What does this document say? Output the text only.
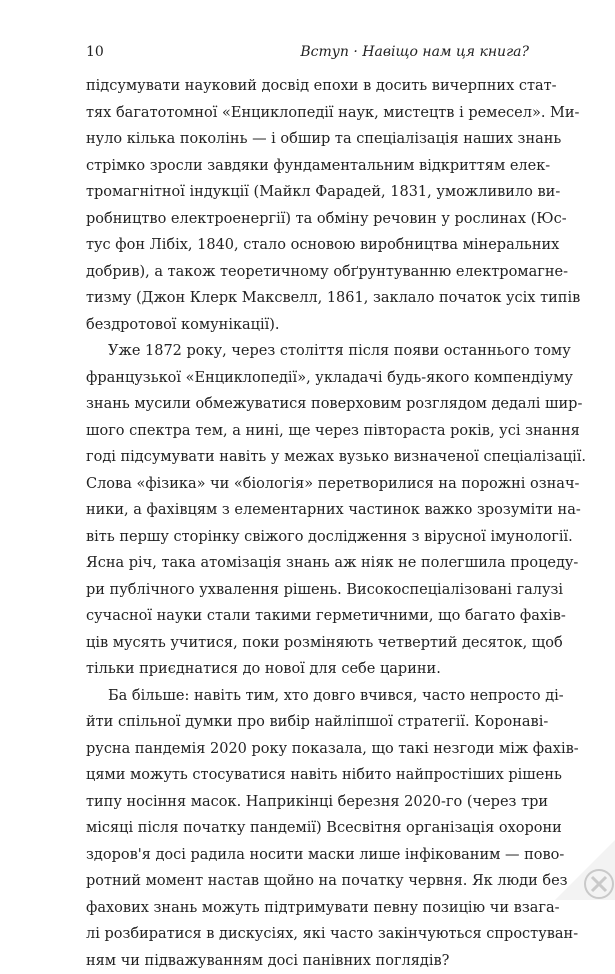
10	Вступ · Навіщо нам ця книга?
підсумувати науковий досвід епохи в досить вичерпних стат-
тях багатотомної «Енциклопедії наук, мистецтв і ремесел». Ми-
нуло кілька поколінь — і обшир та спеціалізація наших знань
стрімко зросли завдяки фундаментальним відкриттям елек-
тромагнітної індукції (Майкл Фарадей, 1831, уможливило ви-
робництво електроенергії) та обміну речовин у рослинах (Юс-
тус фон Лібіх, 1840, стало основою виробництва мінеральних
добрив), а також теоретичному обґрунтуванню електромагне-
тизму (Джон Клерк Максвелл, 1861, заклало початок усіх типів
бездротової комунікації).
Уже 1872 року, через століття після появи останнього тому
французької «Енциклопедії», укладачі будь-якого компендіуму
знань мусили обмежуватися поверховим розглядом дедалі шир-
шого спектра тем, а нині, ще через півтораста років, усі знання
годі підсумувати навіть у межах вузько визначеної спеціалізації.
Слова «фізика» чи «біологія» перетворилися на порожні означ-
ники, а фахівцям з елементарних частинок важко зрозуміти на-
віть першу сторінку свіжого дослідження з вірусної імунології.
Ясна річ, така атомізація знань аж ніяк не полегшила процеду-
ри публічного ухвалення рішень. Високоспеціалізовані галузі
сучасної науки стали такими герметичними, що багато фахів-
ців мусять учитися, поки розміняють четвертий десяток, щоб
тільки приєднатися до нової для себе царини.
Ба більше: навіть тим, хто довго вчився, часто непросто ді-
йти спільної думки про вибір найліпшої стратегії. Коронаві-
русна пандемія 2020 року показала, що такі незгоди між фахів-
цями можуть стосуватися навіть нібито найпростіших рішень
типу носіння масок. Наприкінці березня 2020-го (через три
місяці після початку пандемії) Всесвітня організація охорони
здоров'я досі радила носити маски лише інфікованим — пово-
ротний момент настав щойно на початку червня. Як люди без
фахових знань можуть підтримувати певну позицію чи взага-
лі розбиратися в дискусіях, які часто закінчуються спростуван-
ням чи підважуванням досі панівних поглядів?
